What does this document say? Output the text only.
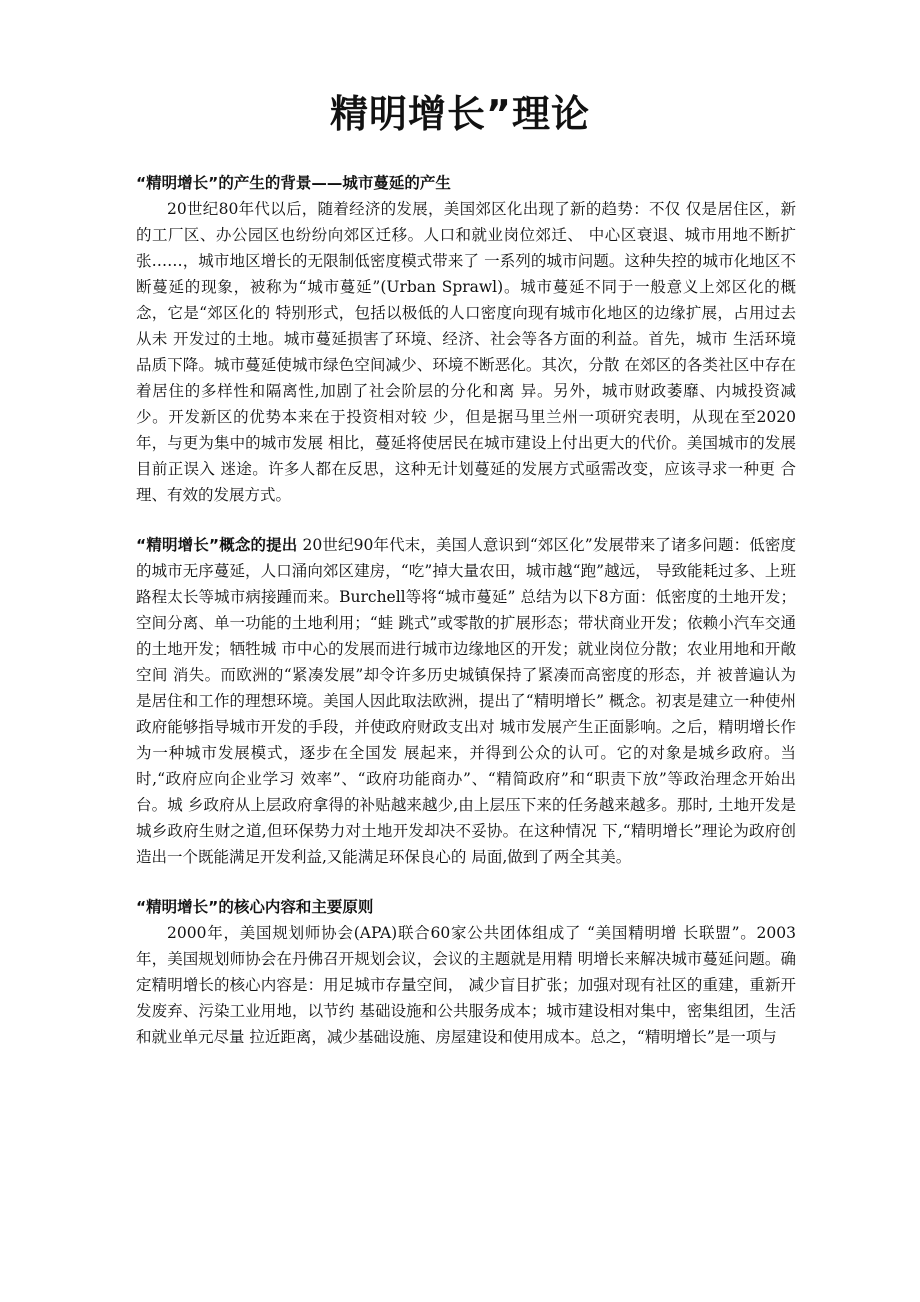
精明增长”理论
“精明增长”的产生的背景——城市蔓延的产生

20世纪80年代以后，随着经济的发展，美国郊区化出现了新的趋势：不仅 仅是居住区，新的工厂区、办公园区也纷纷向郊区迁移。人口和就业岗位郊迁、 中心区衰退、城市用地不断扩张……，城市地区增长的无限制低密度模式带来了 一系列的城市问题。这种失控的城市化地区不断蔓延的现象，被称为“城市蔓延”(Urban Sprawl)。城市蔓延不同于一般意义上郊区化的概念，它是“郊区化的 特别形式，包括以极低的人口密度向现有城市化地区的边缘扩展，占用过去从未 开发过的土地。城市蔓延损害了环境、经济、社会等各方面的利益。首先，城市 生活环境品质下降。城市蔓延使城市绿色空间减少、环境不断恶化。其次，分散 在郊区的各类社区中存在着居住的多样性和隔离性,加剧了社会阶层的分化和离 异。另外，城市财政萎靡、内城投资减少。开发新区的优势本来在于投资相对较 少，但是据马里兰州一项研究表明，从现在至2020年，与更为集中的城市发展 相比，蔓延将使居民在城市建设上付出更大的代价。美国城市的发展目前正误入 迷途。许多人都在反思，这种无计划蔓延的发展方式亟需改变，应该寻求一种更 合理、有效的发展方式。

“精明增长”概念的提出 20世纪90年代末，美国人意识到“郊区化”发展带来了诸多问题：低密度 的城市无序蔓延，人口涌向郊区建房，“吃”掉大量农田，城市越“跑”越远， 导致能耗过多、上班路程太长等城市病接踵而来。Burchell等将“城市蔓延” 总结为以下8方面：低密度的土地开发；空间分离、单一功能的土地利用；“蛙 跳式”或零散的扩展形态；带状商业开发；依赖小汽车交通的土地开发；牺牲城 市中心的发展而进行城市边缘地区的开发；就业岗位分散；农业用地和开敞空间 消失。而欧洲的“紧凑发展”却令许多历史城镇保持了紧凑而高密度的形态，并 被普遍认为是居住和工作的理想环境。美国人因此取法欧洲，提出了“精明增长” 概念。初衷是建立一种使州政府能够指导城市开发的手段，并使政府财政支出对 城市发展产生正面影响。之后，精明增长作为一种城市发展模式，逐步在全国发 展起来，并得到公众的认可。它的对象是城乡政府。当时,“政府应向企业学习 效率”、“政府功能商办”、“精简政府”和“职责下放”等政治理念开始出台。城 乡政府从上层政府拿得的补贴越来越少,由上层压下来的任务越来越多。那时, 土地开发是城乡政府生财之道,但环保势力对土地开发却决不妥协。在这种情况 下,“精明增长”理论为政府创造出一个既能满足开发利益,又能满足环保良心的 局面,做到了两全其美。

“精明增长”的核心内容和主要原则

2000年，美国规划师协会(APA)联合60家公共团体组成了 “美国精明增 长联盟”。2003年，美国规划师协会在丹佛召开规划会议，会议的主题就是用精 明增长来解决城市蔓延问题。确定精明增长的核心内容是：用足城市存量空间， 减少盲目扩张；加强对现有社区的重建，重新开发废弃、污染工业用地，以节约 基础设施和公共服务成本；城市建设相对集中，密集组团，生活和就业单元尽量 拉近距离，减少基础设施、房屋建设和使用成本。总之，“精明增长”是一项与
